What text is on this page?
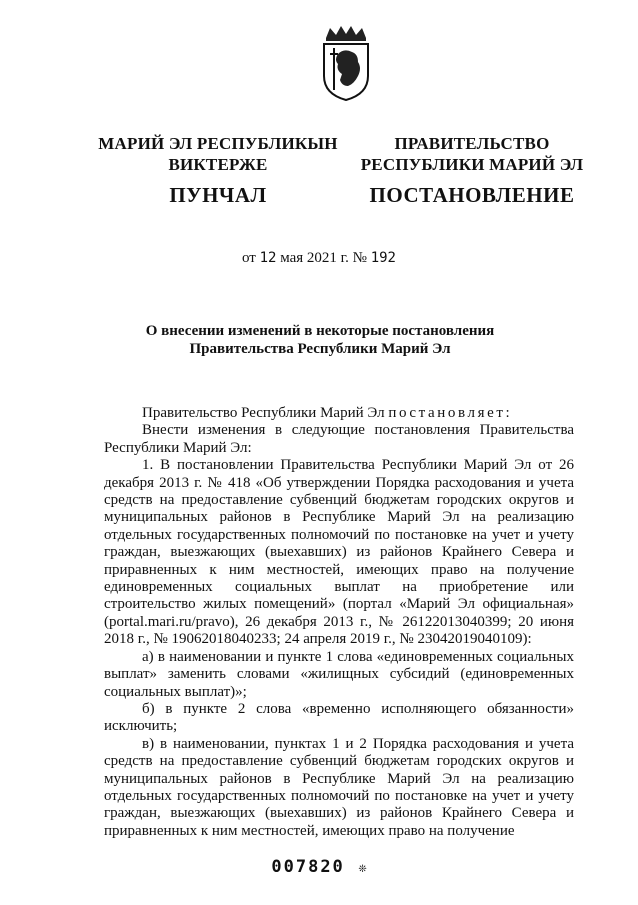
МАРИЙ ЭЛ РЕСПУБЛИКЫН
ВИКТЕРЖЕ
ПУНЧАЛ
ПРАВИТЕЛЬСТВО
РЕСПУБЛИКИ МАРИЙ ЭЛ
ПОСТАНОВЛЕНИЕ
от 12 мая 2021 г. № 192
О внесении изменений в некоторые постановления
Правительства Республики Марий Эл

Правительство Республики Марий Эл постановляет:

Внести изменения в следующие постановления Правительства Республики Марий Эл:

1. В постановлении Правительства Республики Марий Эл от 26 декабря 2013 г. № 418 «Об утверждении Порядка расходования и учета средств на предоставление субвенций бюджетам городских округов и муниципальных районов в Республике Марий Эл на реализацию отдельных государственных полномочий по постановке на учет и учету граждан, выезжающих (выехавших) из районов Крайнего Севера и приравненных к ним местностей, имеющих право на получение единовременных социальных выплат на приобретение или строительство жилых помещений» (портал «Марий Эл официальная» (portal.mari.ru/pravo), 26 декабря 2013 г., № 26122013040399; 20 июня 2018 г., № 19062018040233; 24 апреля 2019 г., № 23042019040109):

а) в наименовании и пункте 1 слова «единовременных социальных выплат» заменить словами «жилищных субсидий (единовременных социальных выплат)»;

б) в пункте 2 слова «временно исполняющего обязанности» исключить;

в) в наименовании, пунктах 1 и 2 Порядка расходования и учета средств на предоставление субвенций бюджетам городских округов и муниципальных районов в Республике Марий Эл на реализацию отдельных государственных полномочий по постановке на учет и учету граждан, выезжающих (выехавших) из районов Крайнего Севера и приравненных к ним местностей, имеющих право на получение

007820 ❊
